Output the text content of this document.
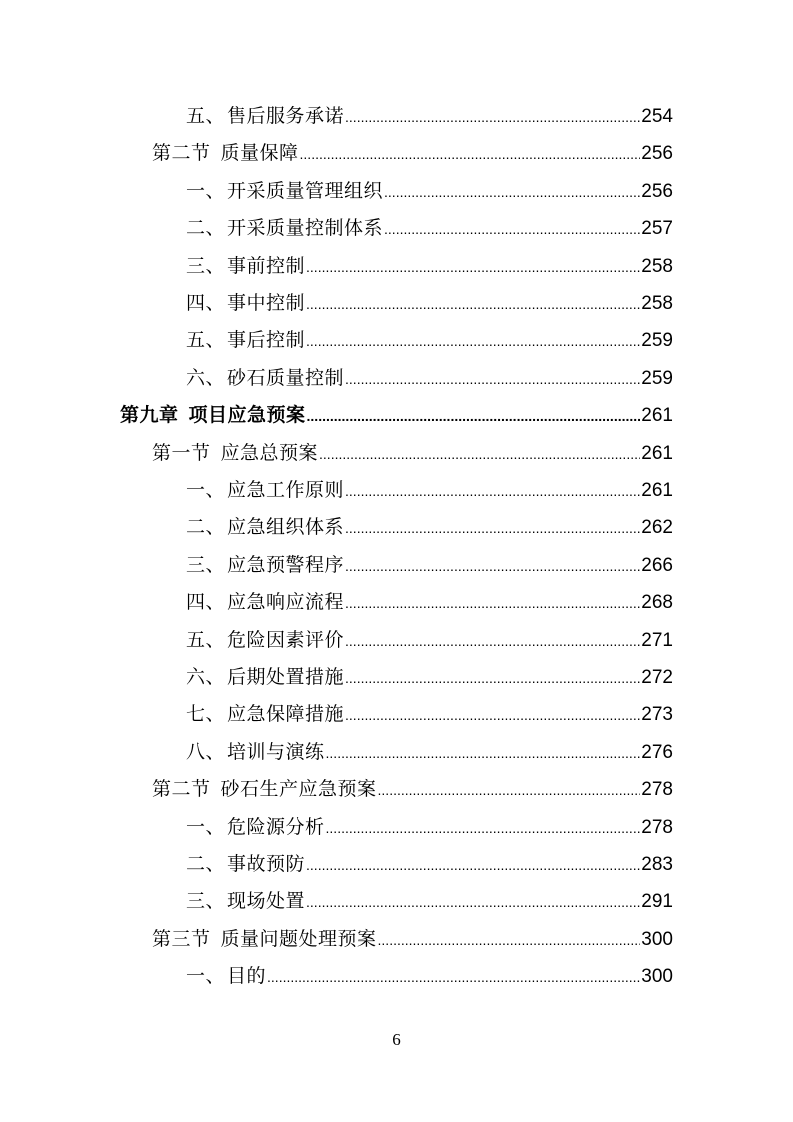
五、 售后服务承诺 .....	254
第二节 质量保障 .....	256
一、 开采质量管理组织 .....	256
二、 开采质量控制体系 .....	257
三、 事前控制 .....	258
四、 事中控制 .....	258
五、 事后控制 .....	259
六、 砂石质量控制 .....	259
第九章 项目应急预案 .....	261
第一节 应急总预案 .....	261
一、 应急工作原则 .....	261
二、 应急组织体系 .....	262
三、 应急预警程序 .....	266
四、 应急响应流程 .....	268
五、 危险因素评价 .....	271
六、 后期处置措施 .....	272
七、 应急保障措施 .....	273
八、 培训与演练 .....	276
第二节 砂石生产应急预案 .....	278
一、 危险源分析 .....	278
二、 事故预防 .....	283
三、 现场处置 .....	291
第三节 质量问题处理预案 .....	300
一、 目的 .....	300
6
